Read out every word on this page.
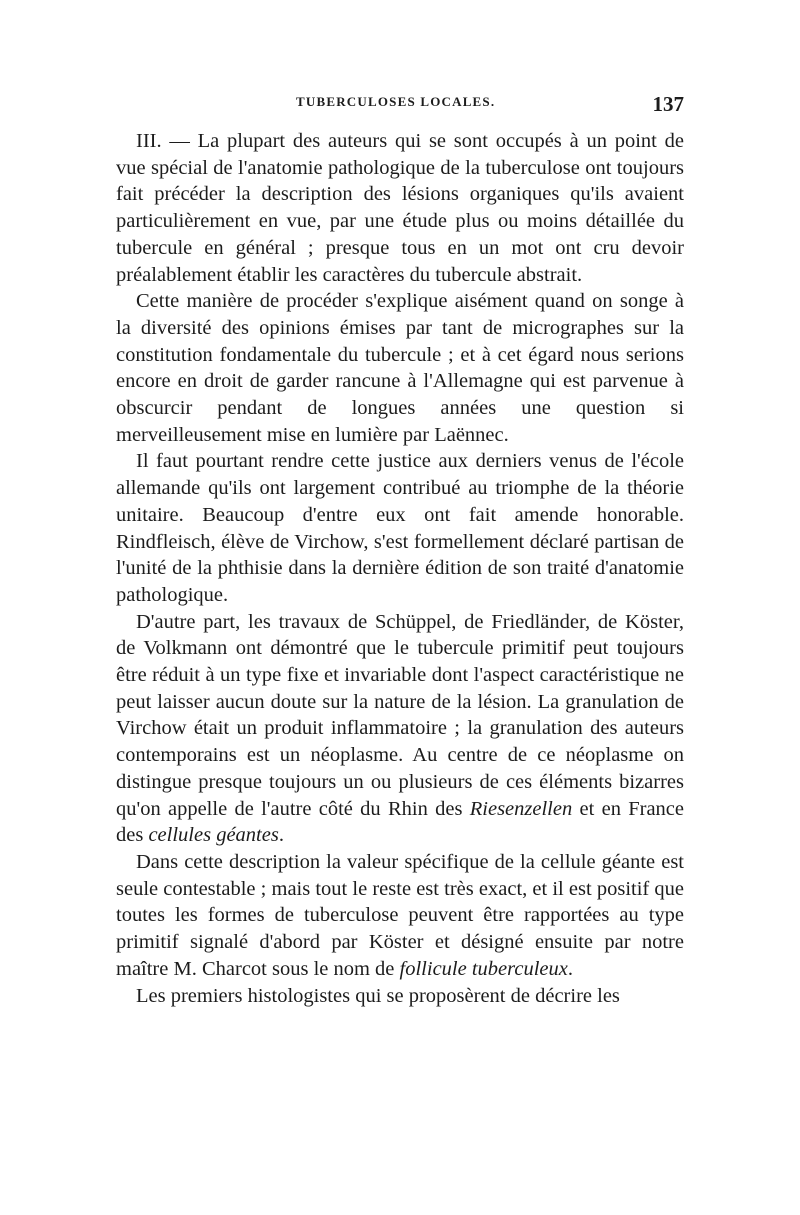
TUBERCULOSES LOCALES.	137

III. — La plupart des auteurs qui se sont occupés à un point de vue spécial de l'anatomie pathologique de la tuberculose ont toujours fait précéder la description des lésions organiques qu'ils avaient particulièrement en vue, par une étude plus ou moins détaillée du tubercule en général ; presque tous en un mot ont cru devoir préalablement établir les caractères du tubercule abstrait.

Cette manière de procéder s'explique aisément quand on songe à la diversité des opinions émises par tant de micrographes sur la constitution fondamentale du tubercule ; et à cet égard nous serions encore en droit de garder rancune à l'Allemagne qui est parvenue à obscurcir pendant de longues années une question si merveilleusement mise en lumière par Laënnec.

Il faut pourtant rendre cette justice aux derniers venus de l'école allemande qu'ils ont largement contribué au triomphe de la théorie unitaire. Beaucoup d'entre eux ont fait amende honorable. Rindfleisch, élève de Virchow, s'est formellement déclaré partisan de l'unité de la phthisie dans la dernière édition de son traité d'anatomie pathologique.

D'autre part, les travaux de Schüppel, de Friedländer, de Köster, de Volkmann ont démontré que le tubercule primitif peut toujours être réduit à un type fixe et invariable dont l'aspect caractéristique ne peut laisser aucun doute sur la nature de la lésion. La granulation de Virchow était un produit inflammatoire ; la granulation des auteurs contemporains est un néoplasme. Au centre de ce néoplasme on distingue presque toujours un ou plusieurs de ces éléments bizarres qu'on appelle de l'autre côté du Rhin des Riesenzellen et en France des cellules géantes.

Dans cette description la valeur spécifique de la cellule géante est seule contestable ; mais tout le reste est très exact, et il est positif que toutes les formes de tuberculose peuvent être rapportées au type primitif signalé d'abord par Köster et désigné ensuite par notre maître M. Charcot sous le nom de follicule tuberculeux.

Les premiers histologistes qui se proposèrent de décrire les
